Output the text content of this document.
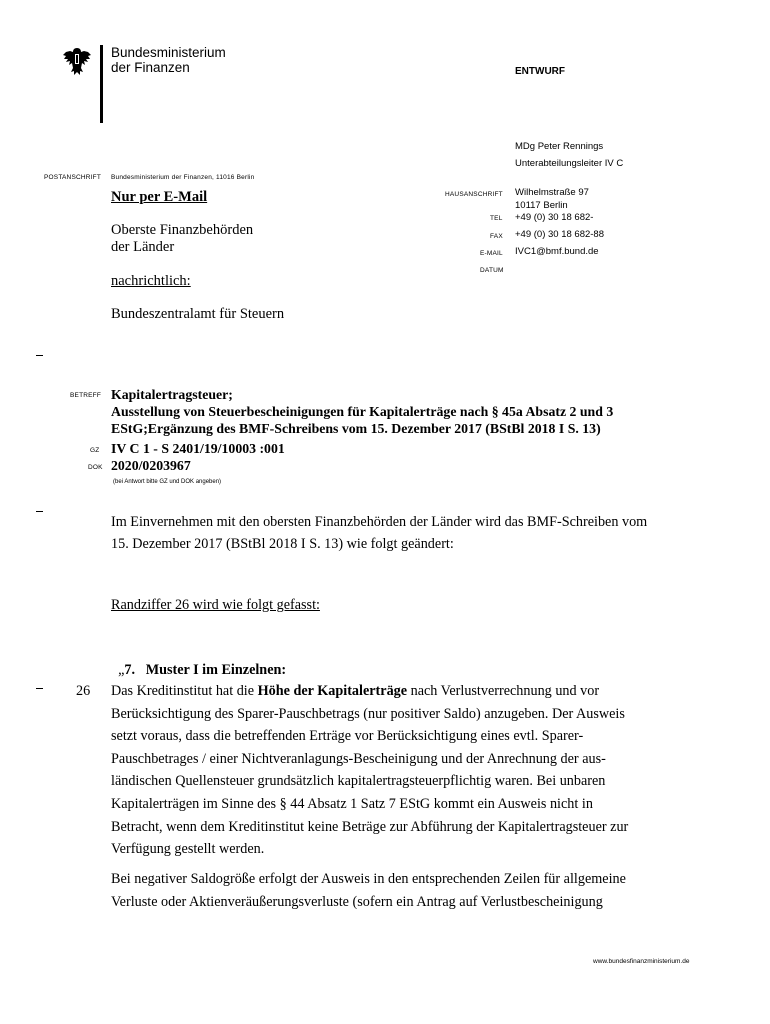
Bundesministerium
der Finanzen	ENTWURF
MDg Peter Rennings
Unterabteilungsleiter IV C
POSTANSCHRIFT Bundesministerium der Finanzen, 11016 Berlin
Nur per E-Mail
Oberste Finanzbehörden
der Länder
nachrichtlich:
Bundeszentralamt für Steuern
HAUSANSCHRIFT Wilhelmstraße 97
10117 Berlin
TEL +49 (0) 30 18 682-
FAX +49 (0) 30 18 682-88
E-MAIL IVC1@bmf.bund.de
DATUM
BETREFF Kapitalertragsteuer;
Ausstellung von Steuerbescheinigungen für Kapitalerträge nach § 45a Absatz 2 und 3
EStG;Ergänzung des BMF-Schreibens vom 15. Dezember 2017 (BStBl 2018 I S. 13)
GZ IV C 1 - S 2401/19/10003 :001
DOK 2020/0203967
(bei Antwort bitte GZ und DOK angeben)
Im Einvernehmen mit den obersten Finanzbehörden der Länder wird das BMF-Schreiben vom
15. Dezember 2017 (BStBl 2018 I S. 13) wie folgt geändert:
Randziffer 26 wird wie folgt gefasst:

„7.   Muster I im Einzelnen:

26 Das Kreditinstitut hat die Höhe der Kapitalerträge nach Verlustverrechnung und vor
Berücksichtigung des Sparer-Pauschbetrags (nur positiver Saldo) anzugeben. Der Ausweis
setzt voraus, dass die betreffenden Erträge vor Berücksichtigung eines evtl. Sparer-
Pauschbetrages / einer Nichtveranlagungs-Bescheinigung und der Anrechnung der aus-
ländischen Quellensteuer grundsätzlich kapitalertragsteuerpflichtig waren. Bei unbaren
Kapitalerträgen im Sinne des § 44 Absatz 1 Satz 7 EStG kommt ein Ausweis nicht in
Betracht, wenn dem Kreditinstitut keine Beträge zur Abführung der Kapitalertragsteuer zur
Verfügung gestellt werden.
Bei negativer Saldogröße erfolgt der Ausweis in den entsprechenden Zeilen für allgemeine
Verluste oder Aktienveräußerungsverluste (sofern ein Antrag auf Verlustbescheinigung
www.bundesfinanzministerium.de
